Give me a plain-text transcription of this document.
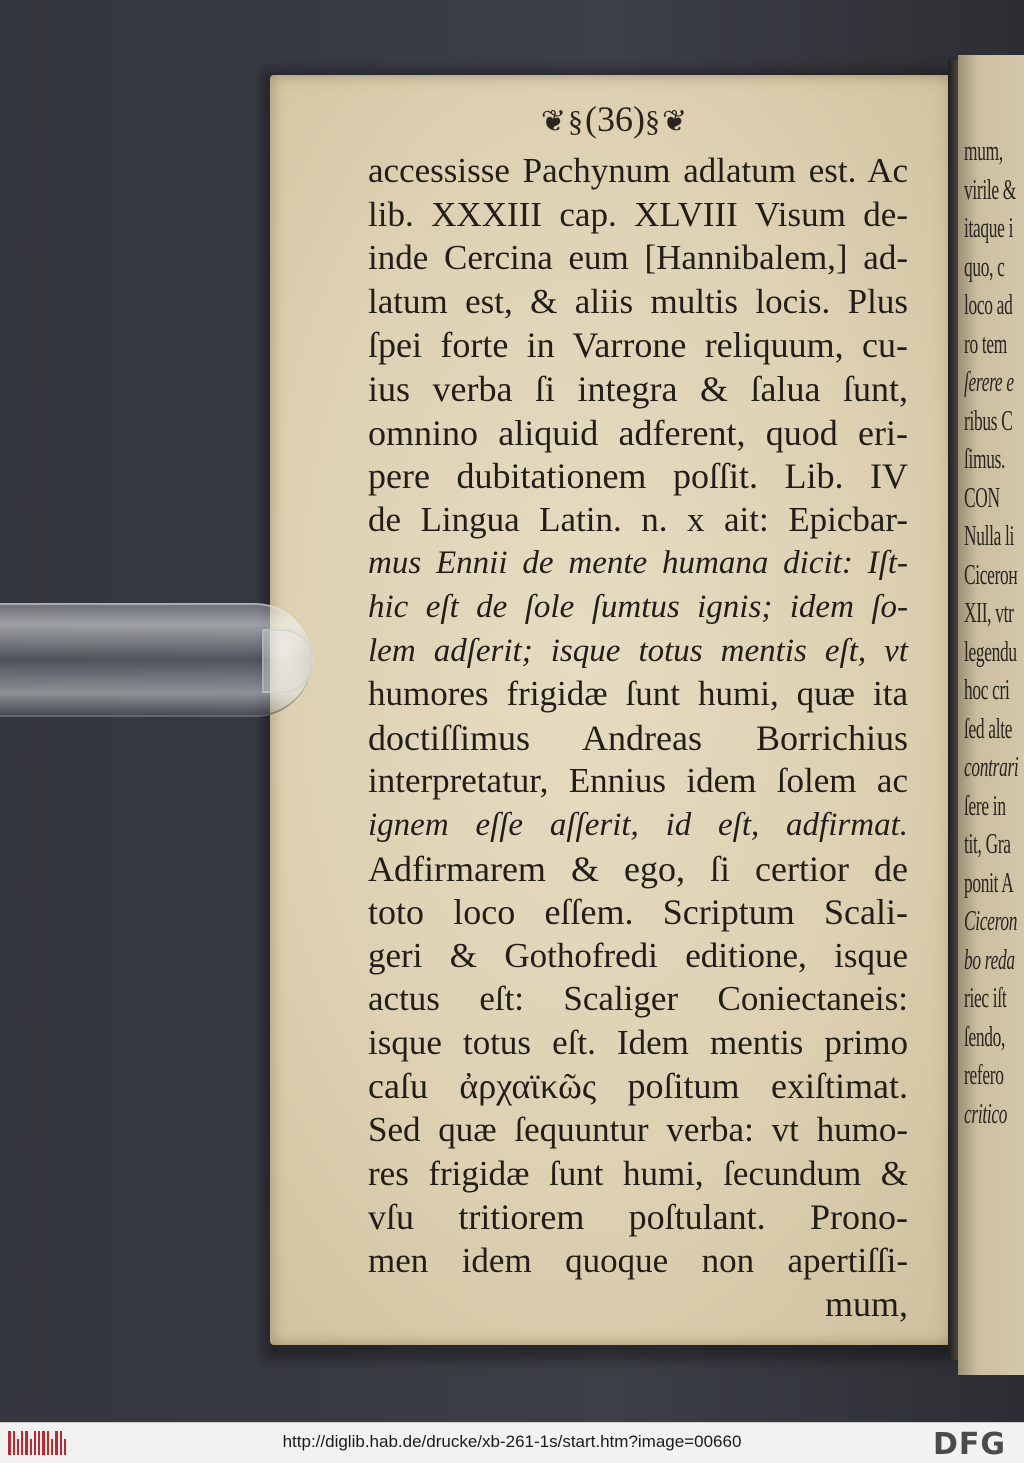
mum,
virile &
itaque i
quo, c
loco ad
ro tem
ſerere e
ribus C
ſimus.
CON
Nulla li
Cicerон
XII, vtr
legendu
hoc cri
ſed alte
contrari
ſere in
tit, Gra
ponit A
Ciceron
bo reda
riec iſt
ſendo,
refero
critico
❦§(36)§❦
accessisse Pachynum adlatum est. Ac
lib. XXXIII cap. XLVIII Visum de-
inde Cercina eum [Hannibalem,] ad-
latum est, & aliis multis locis. Plus
ſpei forte in Varrone reliquum, cu-
ius verba ſi integra & ſalua ſunt,
omnino aliquid adferent, quod eri-
pere dubitationem poſſit. Lib. IV
de Lingua Latin. n. x ait: Epicbar-
mus Ennii de mente humana dicit: Iſt-
hic eſt de ſole ſumtus ignis; idem ſo-
lem adſerit; isque totus mentis eſt, vt
humores frigidæ ſunt humi, quæ ita
doctiſſimus Andreas Borrichius
interpretatur, Ennius idem ſolem ac
ignem eſſe aſſerit, id eſt, adfirmat.
Adfirmarem & ego, ſi certior de
toto loco eſſem. Scriptum Scali-
geri & Gothofredi editione, isque
actus eſt: Scaliger Coniectaneis:
isque totus eſt. Idem mentis primo
caſu ἀρχαϊκῶς poſitum exiſtimat.
Sed quæ ſequuntur verba: vt humo-
res frigidæ ſunt humi, ſecundum &
vſu tritiorem poſtulant. Prono-
men idem quoque non apertiſſi-
mum,
http://diglib.hab.de/drucke/xb-261-1s/start.htm?image=00660	DFG
